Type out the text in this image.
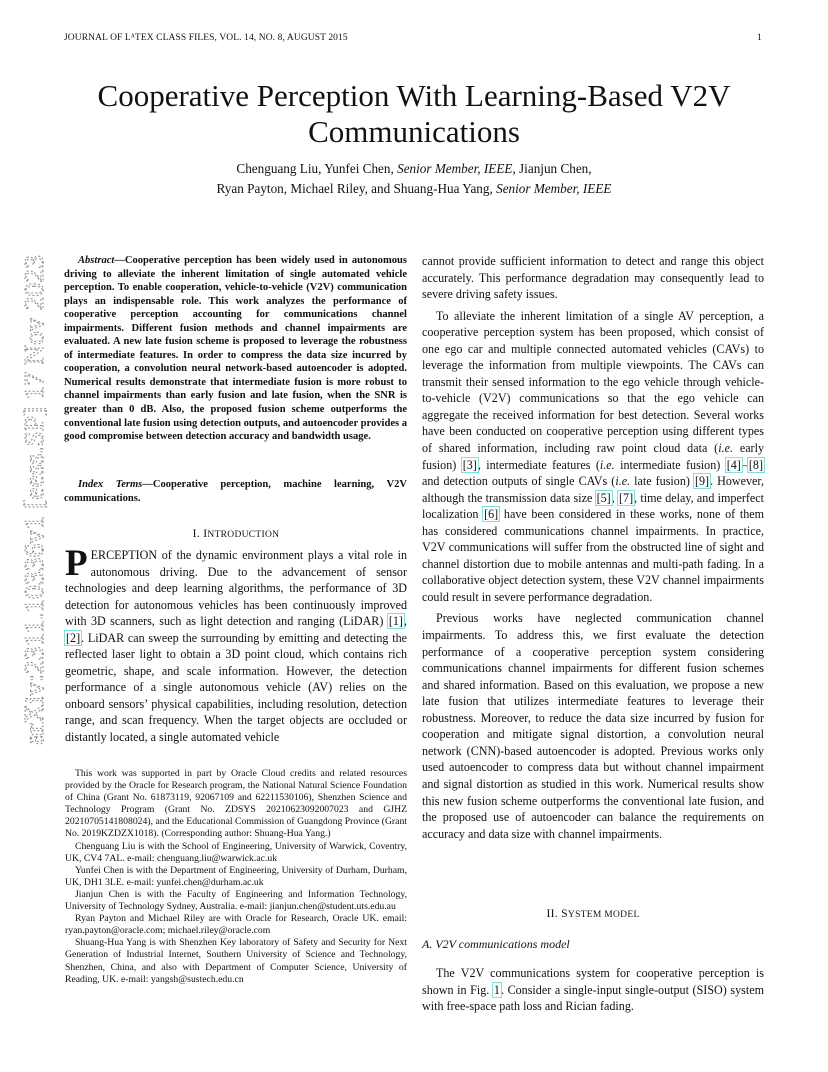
JOURNAL OF LᴬTEX CLASS FILES, VOL. 14, NO. 8, AUGUST 2015	1
arXiv:2311.10336v1 [eess.SP] 17 Nov 2023
Cooperative Perception With Learning-Based V2V Communications
Chenguang Liu, Yunfei Chen, Senior Member, IEEE, Jianjun Chen,
Ryan Payton, Michael Riley, and Shuang-Hua Yang, Senior Member, IEEE
Abstract—Cooperative perception has been widely used in autonomous driving to alleviate the inherent limitation of single automated vehicle perception. To enable cooperation, vehicle-to-vehicle (V2V) communication plays an indispensable role. This work analyzes the performance of cooperative perception accounting for communications channel impairments. Different fusion methods and channel impairments are evaluated. A new late fusion scheme is proposed to leverage the robustness of intermediate features. In order to compress the data size incurred by cooperation, a convolution neural network-based autoencoder is adopted. Numerical results demonstrate that intermediate fusion is more robust to channel impairments than early fusion and late fusion, when the SNR is greater than 0 dB. Also, the proposed fusion scheme outperforms the conventional late fusion using detection outputs, and autoencoder provides a good compromise between detection accuracy and bandwidth usage.
Index Terms—Cooperative perception, machine learning, V2V communications.
I. INTRODUCTION

PERCEPTION of the dynamic environment plays a vital role in autonomous driving. Due to the advancement of sensor technologies and deep learning algorithms, the performance of 3D detection for autonomous vehicles has been continuously improved with 3D scanners, such as light detection and ranging (LiDAR) [1], [2]. LiDAR can sweep the surrounding by emitting and detecting the reflected laser light to obtain a 3D point cloud, which contains rich geometric, shape, and scale information. However, the detection performance of a single autonomous vehicle (AV) relies on the onboard sensors’ physical capabilities, including resolution, detection range, and scan frequency. When the target objects are occluded or distantly located, a single automated vehicle

This work was supported in part by Oracle Cloud credits and related resources provided by the Oracle for Research program, the National Natural Science Foundation of China (Grant No. 61873119, 92067109 and 62211530106), Shenzhen Science and Technology Program (Grant No. ZDSYS 20210623092007023 and GJHZ 20210705141808024), and the Educational Commission of Guangdong Province (Grant No. 2019KZDZX1018). (Corresponding author: Shuang-Hua Yang.)

Chenguang Liu is with the School of Engineering, University of Warwick, Coventry, UK, CV4 7AL. e-mail: chenguang.liu@warwick.ac.uk

Yunfei Chen is with the Department of Engineering, University of Durham, Durham, UK, DH1 3LE. e-mail: yunfei.chen@durham.ac.uk

Jianjun Chen is with the Faculty of Engineering and Information Technology, University of Technology Sydney, Australia. e-mail: jianjun.chen@student.uts.edu.au

Ryan Payton and Michael Riley are with Oracle for Research, Oracle UK. email: ryan.payton@oracle.com; michael.riley@oracle.com

Shuang-Hua Yang is with Shenzhen Key laboratory of Safety and Security for Next Generation of Industrial Internet, Southern University of Science and Technology, Shenzhen, China, and also with Department of Computer Science, University of Reading, UK. e-mail: yangsh@sustech.edu.cn

cannot provide sufficient information to detect and range this object accurately. This performance degradation may consequently lead to severe driving safety issues.

To alleviate the inherent limitation of a single AV perception, a cooperative perception system has been proposed, which consist of one ego car and multiple connected automated vehicles (CAVs) to leverage the information from multiple viewpoints. The CAVs can transmit their sensed information to the ego vehicle through vehicle-to-vehicle (V2V) communications so that the ego vehicle can aggregate the received information for best detection. Several works have been conducted on cooperative perception using different types of shared information, including raw point cloud data (i.e. early fusion) [3], intermediate features (i.e. intermediate fusion) [4]–[8] and detection outputs of single CAVs (i.e. late fusion) [9]. However, although the transmission data size [5], [7], time delay, and imperfect localization [6] have been considered in these works, none of them has considered communications channel impairments. In practice, V2V communications will suffer from the obstructed line of sight and channel distortion due to mobile antennas and multi-path fading. In a collaborative object detection system, these V2V channel impairments could result in severe performance degradation.

Previous works have neglected communication channel impairments. To address this, we first evaluate the detection performance of a cooperative perception system considering communications channel impairments for different fusion schemes and shared information. Based on this evaluation, we propose a new late fusion that utilizes intermediate features to leverage their robustness. Moreover, to reduce the data size incurred by fusion for cooperation and mitigate signal distortion, a convolution neural network (CNN)-based autoencoder is adopted. Previous works only used autoencoder to compress data but without channel impairment and signal distortion as studied in this work. Numerical results show this new fusion scheme outperforms the conventional late fusion, and the proposed use of autoencoder can balance the requirements on accuracy and data size with channel impairments.

II. SYSTEM MODEL
A. V2V communications model

The V2V communications system for cooperative perception is shown in Fig. 1. Consider a single-input single-output (SISO) system with free-space path loss and Rician fading.
